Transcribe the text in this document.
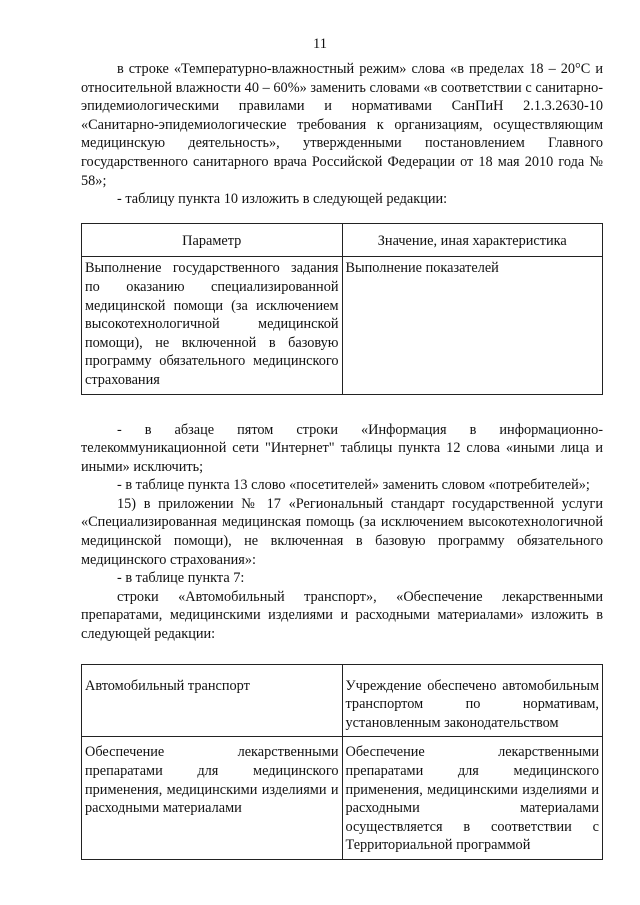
11

в строке «Температурно-влажностный режим» слова «в пределах 18 – 20°С и относительной влажности 40 – 60%» заменить словами «в соответствии с санитарно-эпидемиологическими правилами и нормативами СанПиН 2.1.3.2630-10 «Санитарно-эпидемиологические требования к организациям, осуществляющим медицинскую деятельность», утвержденными постановлением Главного государственного санитарного врача Российской Федерации от 18 мая 2010 года № 58»;

- таблицу пункта 10 изложить в следующей редакции:

Параметр	Значение, иная характеристика
Выполнение государственного задания по оказанию специализированной медицинской помощи (за исключением высокотехнологичной медицинской помощи), не включенной в базовую программу обязательного медицинского страхования	Выполнение показателей

- в абзаце пятом строки «Информация в информационно-телекоммуникационной сети "Интернет" таблицы пункта 12 слова «иными лица и иными» исключить;

- в таблице пункта 13 слово «посетителей» заменить словом «потребителей»;

15) в приложении № 17 «Региональный стандарт государственной услуги «Специализированная медицинская помощь (за исключением высокотехнологичной медицинской помощи), не включенная в базовую программу обязательного медицинского страхования»:

- в таблице пункта 7:

строки «Автомобильный транспорт», «Обеспечение лекарственными препаратами, медицинскими изделиями и расходными материалами» изложить в следующей редакции:

Автомобильный транспорт	Учреждение обеспечено автомобильным транспортом по нормативам, установленным законодательством
Обеспечение лекарственными препаратами для медицинского применения, медицинскими изделиями и расходными материалами	Обеспечение лекарственными препаратами для медицинского применения, медицинскими изделиями и расходными материалами осуществляется в соответствии с Территориальной программой
